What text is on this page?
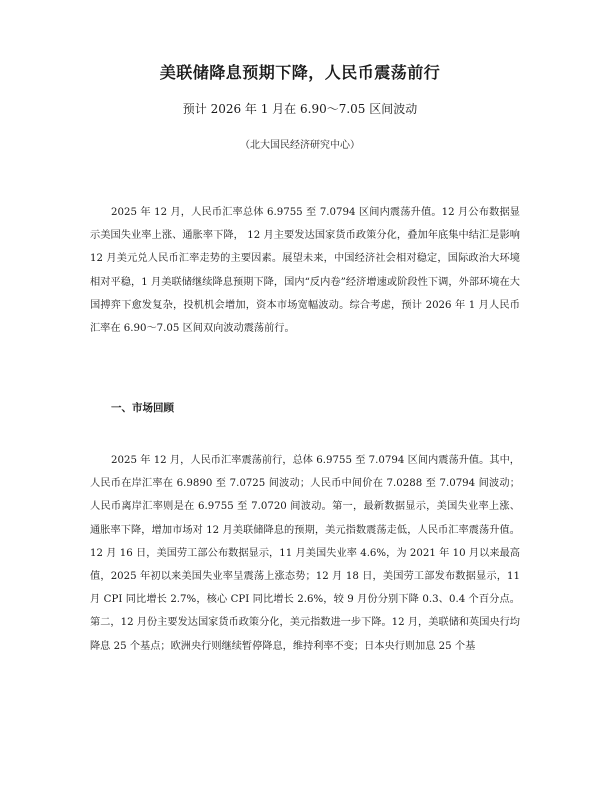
美联储降息预期下降，人民币震荡前行
预计 2026 年 1 月在 6.90～7.05 区间波动
（北大国民经济研究中心）

2025 年 12 月，人民币汇率总体 6.9755 至 7.0794 区间内震荡升值。12 月公布数据显示美国失业率上涨、通胀率下降， 12 月主要发达国家货币政策分化，叠加年底集中结汇是影响 12 月美元兑人民币汇率走势的主要因素。展望未来，中国经济社会相对稳定，国际政治大环境相对平稳，1 月美联储继续降息预期下降，国内“反内卷”经济增速或阶段性下调，外部环境在大国搏弈下愈发复杂，投机机会增加，资本市场宽幅波动。综合考虑，预计 2026 年 1 月人民币汇率在 6.90～7.05 区间双向波动震荡前行。

一、市场回顾

2025 年 12 月，人民币汇率震荡前行，总体 6.9755 至 7.0794 区间内震荡升值。其中，人民币在岸汇率在 6.9890 至 7.0725 间波动；人民币中间价在 7.0288 至 7.0794 间波动；人民币离岸汇率则是在 6.9755 至 7.0720 间波动。第一，最新数据显示，美国失业率上涨、通胀率下降，增加市场对 12 月美联储降息的预期，美元指数震荡走低，人民币汇率震荡升值。12 月 16 日，美国劳工部公布数据显示，11 月美国失业率 4.6%，为 2021 年 10 月以来最高值，2025 年初以来美国失业率呈震荡上涨态势；12 月 18 日，美国劳工部发布数据显示，11 月 CPI 同比增长 2.7%，核心 CPI 同比增长 2.6%，较 9 月份分别下降 0.3、0.4 个百分点。第二，12 月份主要发达国家货币政策分化，美元指数进一步下降。12 月，美联储和英国央行均降息 25 个基点；欧洲央行则继续暂停降息，维持利率不变；日本央行则加息 25 个基
